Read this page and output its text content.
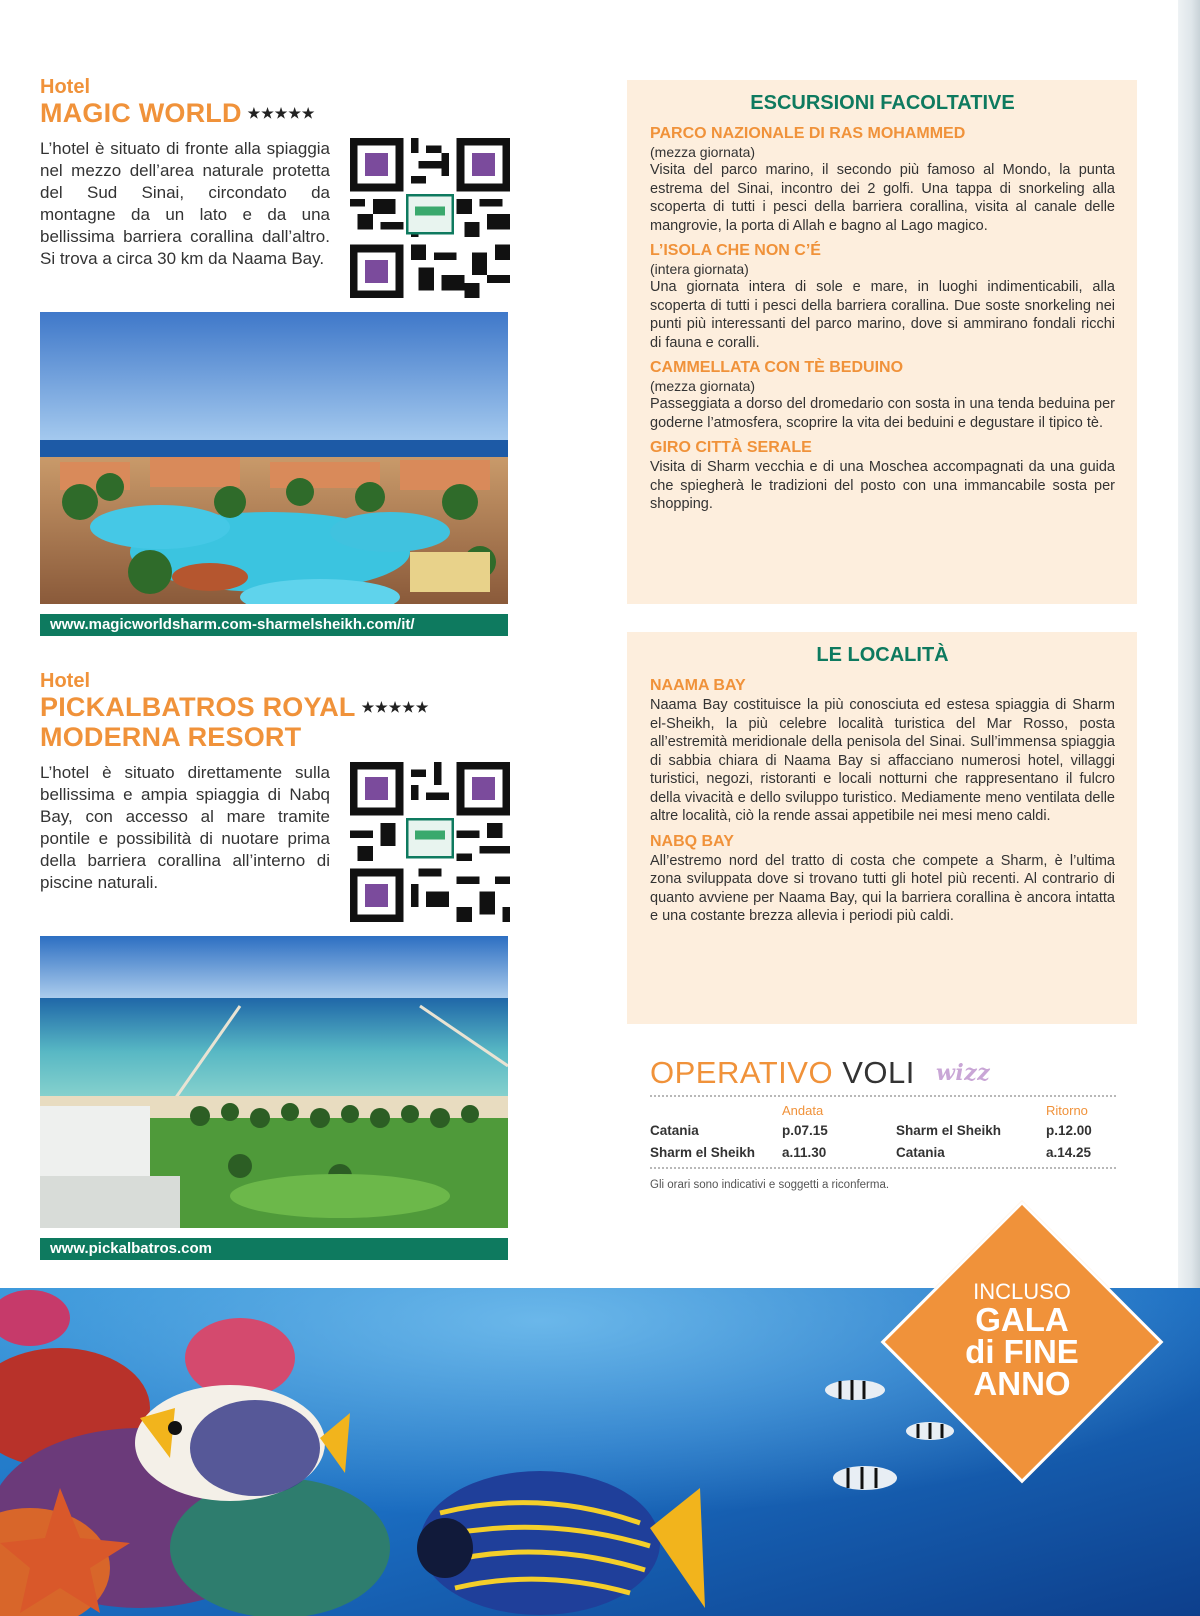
Hotel
MAGIC WORLD ★★★★★

L’hotel è situato di fronte alla spiaggia nel mezzo dell’area naturale protetta del Sud Sinai, circondato da montagne da un lato e da una bellissima barriera corallina dall’altro. Si trova a circa 30 km da Naama Bay.

www.magicworldsharm.com-sharmelsheikh.com/it/
Hotel
PICKALBATROS ROYAL ★★★★★
MODERNA RESORT

L’hotel è situato direttamente sulla bellissima e ampia spiaggia di Nabq Bay, con accesso al mare tramite pontile e possibilità di nuotare prima della barriera corallina all’interno di piscine naturali.

www.pickalbatros.com
ESCURSIONI FACOLTATIVE
PARCO NAZIONALE DI RAS MOHAMMED
(mezza giornata)

Visita del parco marino, il secondo più famoso al Mondo, la punta estrema del Sinai, incontro dei 2 golfi. Una tappa di snorkeling alla scoperta di tutti i pesci della barriera corallina, visita al canale delle mangrovie, la porta di Allah e bagno al Lago magico.

L’ISOLA CHE NON C’É
(intera giornata)

Una giornata intera di sole e mare, in luoghi indimenticabili, alla scoperta di tutti i pesci della barriera corallina. Due soste snorkeling nei punti più interessanti del parco marino, dove si ammirano fondali ricchi di fauna e coralli.

CAMMELLATA CON TÈ BEDUINO
(mezza giornata)

Passeggiata a dorso del dromedario con sosta in una tenda beduina per goderne l’atmosfera, scoprire la vita dei beduini e degustare il tipico tè.

GIRO CITTÀ SERALE

Visita di Sharm vecchia e di una Moschea accompagnati da una guida che spiegherà le tradizioni del posto con una immancabile sosta per shopping.

LE LOCALITÀ
NAAMA BAY

Naama Bay costituisce la più conosciuta ed estesa spiaggia di Sharm el-Sheikh, la più celebre località turistica del Mar Rosso, posta all’estremità meridionale della penisola del Sinai. Sull’immensa spiaggia di sabbia chiara di Naama Bay si affacciano numerosi hotel, villaggi turistici, negozi, ristoranti e locali notturni che rappresentano il fulcro della vivacità e dello sviluppo turistico. Mediamente meno ventilata delle altre località, ciò la rende assai appetibile nei mesi meno caldi.

NABQ BAY

All’estremo nord del tratto di costa che compete a Sharm, è l’ultima zona sviluppata dove si trovano tutti gli hotel più recenti. Al contrario di quanto avviene per Naama Bay, qui la barriera corallina è ancora intatta e una costante brezza allevia i periodi più caldi.

OPERATIVO VOLI wizz
	Andata		Ritorno
Catania	p.07.15	Sharm el Sheikh	p.12.00
Sharm el Sheikh	a.11.30	Catania	a.14.25

Gli orari sono indicativi e soggetti a riconferma.

INCLUSO
GALA
di FINE
ANNO
